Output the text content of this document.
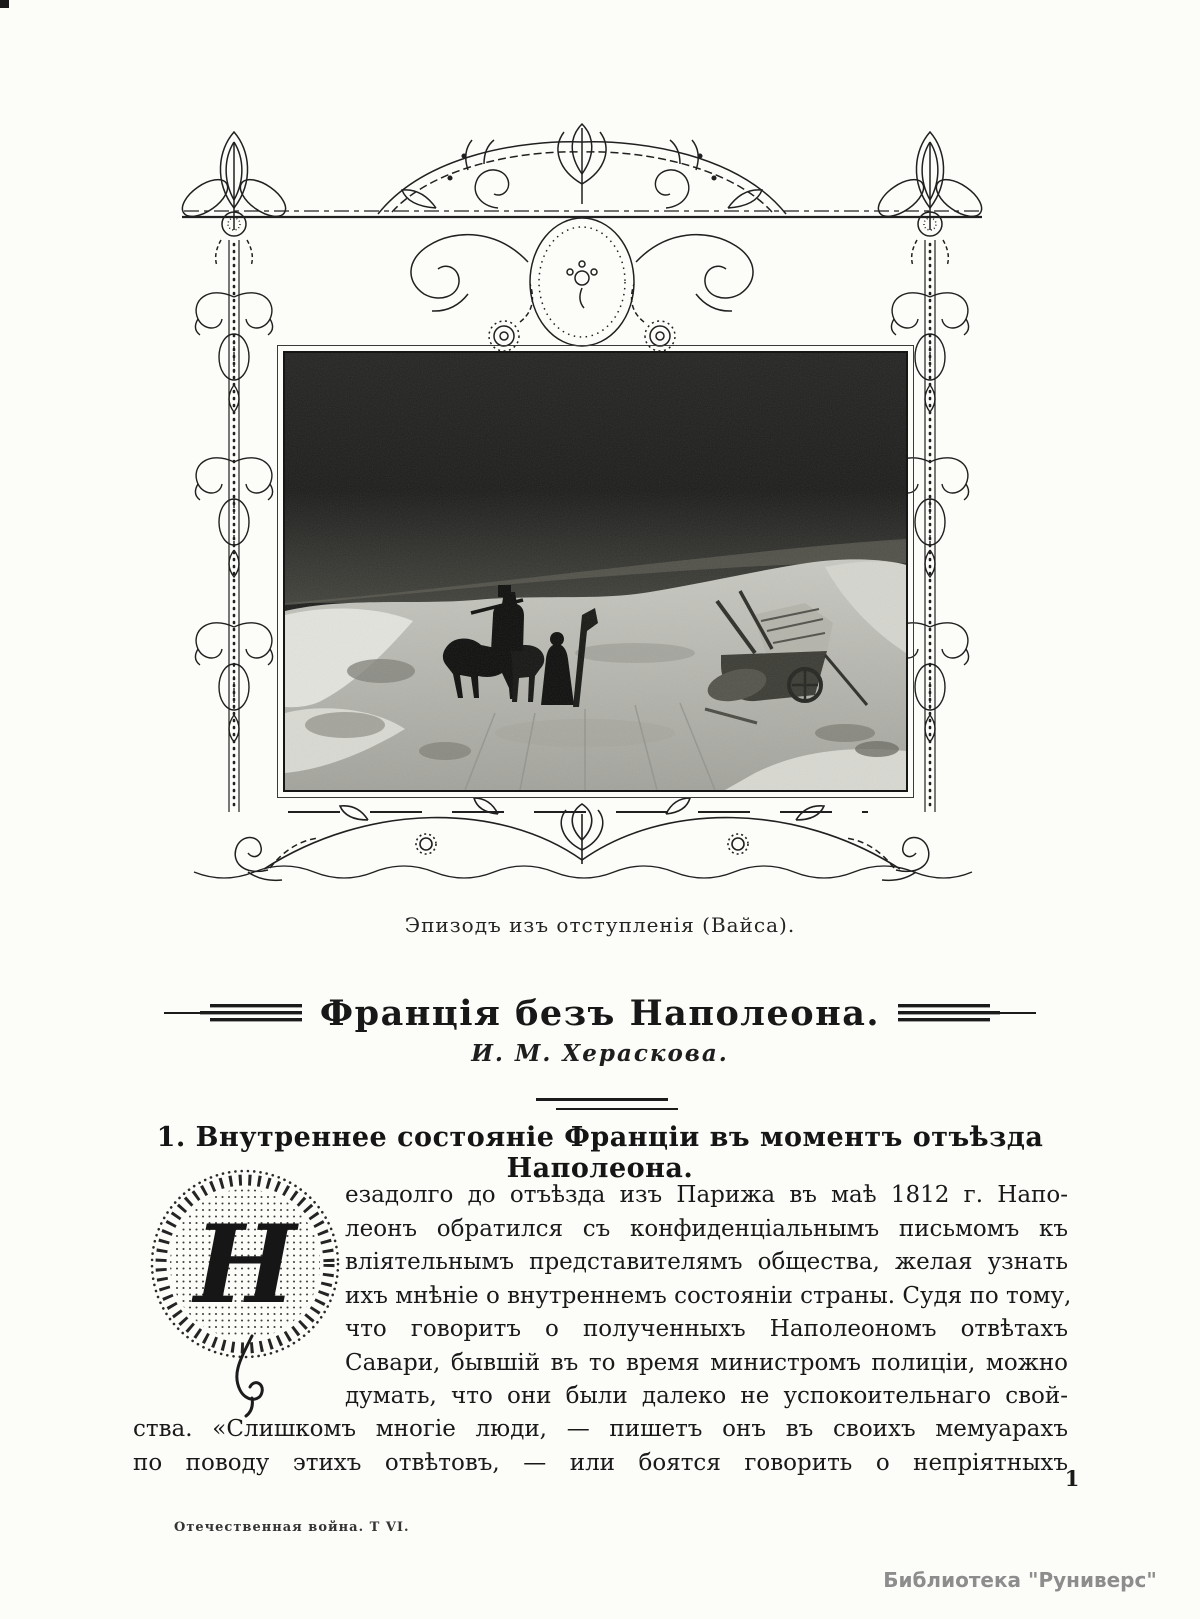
Эпизодъ изъ отступленія (Вайса).
Франція безъ Наполеона.
И. М. Хераскова.
1. Внутреннее состояніе Франціи въ моментъ отъѣзда
Наполеона.
Н
езадолго до отъѣзда изъ Парижа въ маѣ 1812 г. Напо-
леонъ обратился съ конфиденціальнымъ письмомъ къ
вліятельнымъ представителямъ общества, желая узнать
ихъ мнѣніе о внутреннемъ состояніи страны. Судя по тому,
что говоритъ о полученныхъ Наполеономъ отвѣтахъ
Савари, бывшій въ то время министромъ полиціи, можно
думать, что они были далеко не успокоительнаго свой-
ства. «Слишкомъ многіе люди, — пишетъ онъ въ своихъ мемуарахъ
по поводу этихъ отвѣтовъ, — или боятся говорить о непріятныхъ
1
Отечественная война. Т VI.
Библиотека "Руниверс"
